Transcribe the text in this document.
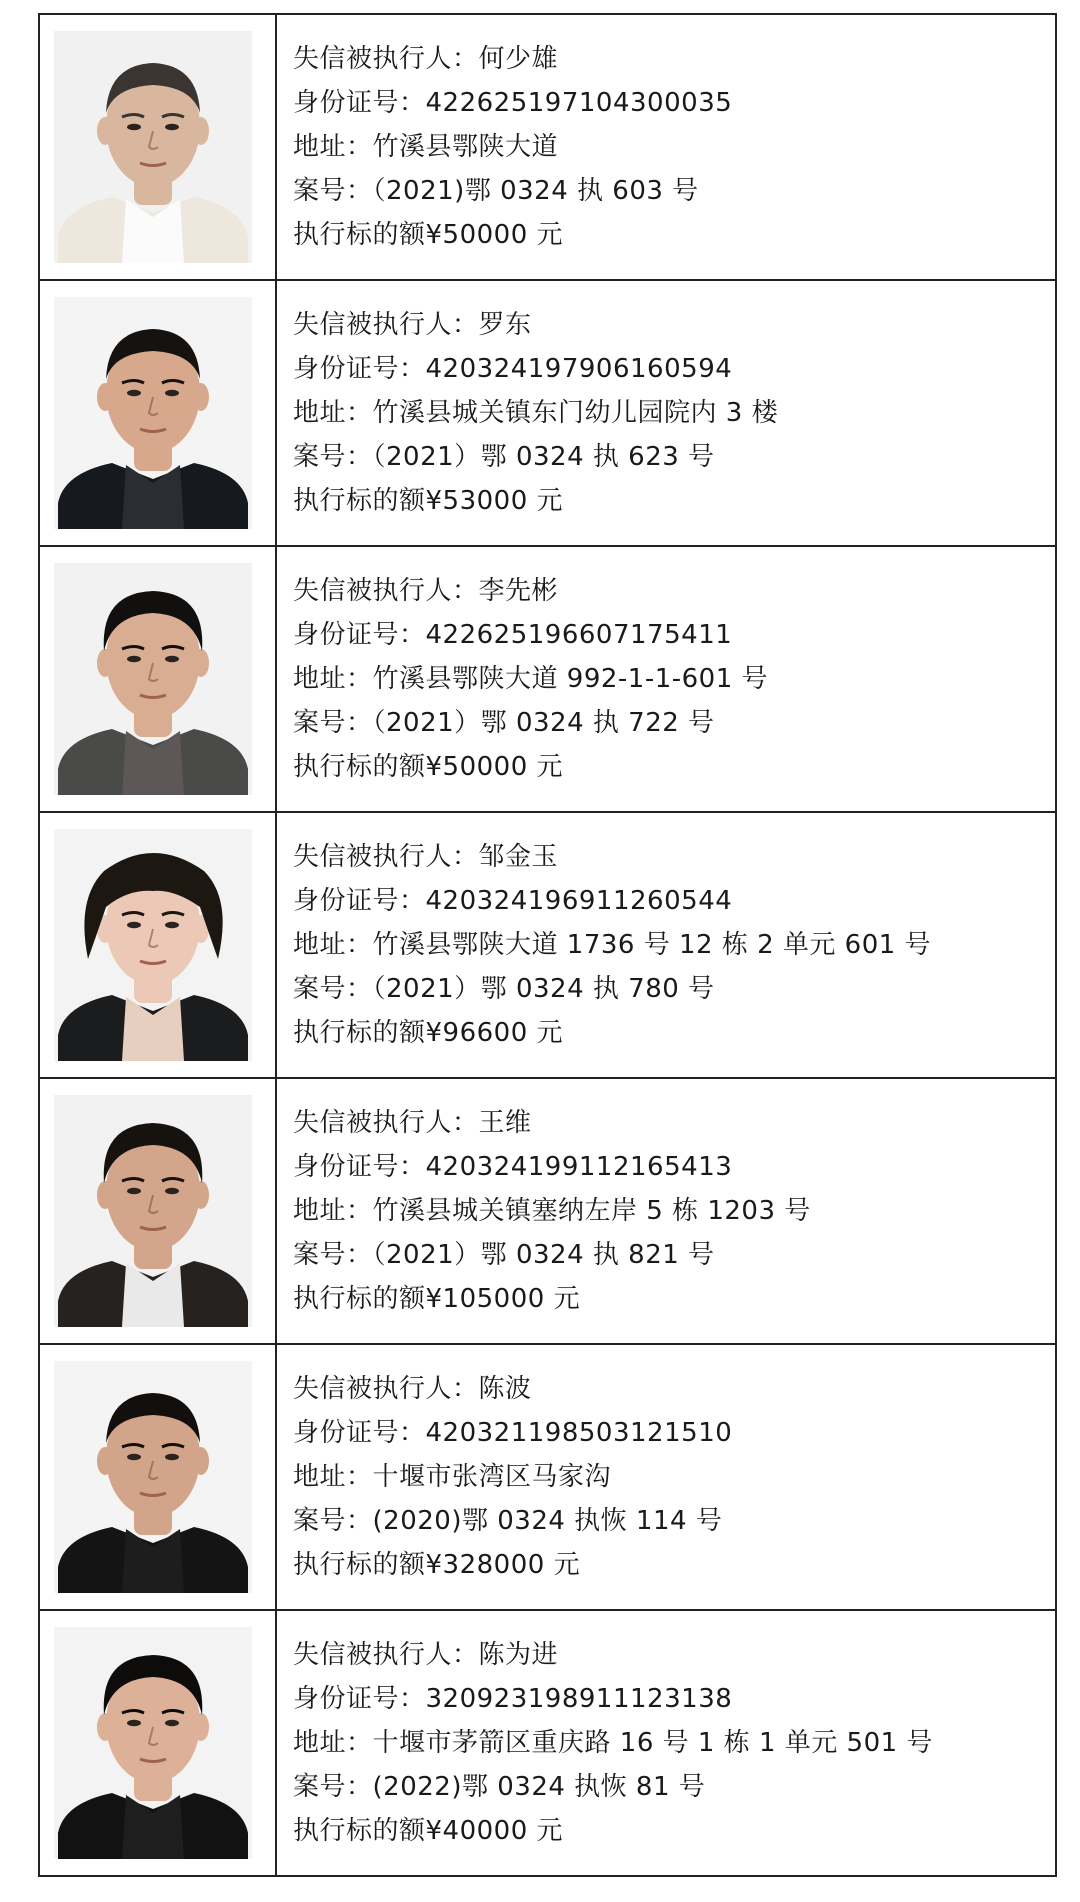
失信被执行人：何少雄
身份证号：422625197104300035
地址：竹溪县鄂陕大道
案号：（2021)鄂 0324 执 603 号
执行标的额¥50000 元

失信被执行人：罗东
身份证号：420324197906160594
地址：竹溪县城关镇东门幼儿园院内 3 楼
案号：（2021）鄂 0324 执 623 号
执行标的额¥53000 元

失信被执行人：李先彬
身份证号：422625196607175411
地址：竹溪县鄂陕大道 992-1-1-601 号
案号：（2021）鄂 0324 执 722 号
执行标的额¥50000 元

失信被执行人：邹金玉
身份证号：420324196911260544
地址：竹溪县鄂陕大道 1736 号 12 栋 2 单元 601 号
案号：（2021）鄂 0324 执 780 号
执行标的额¥96600 元

失信被执行人：王维
身份证号：420324199112165413
地址：竹溪县城关镇塞纳左岸 5 栋 1203 号
案号：（2021）鄂 0324 执 821 号
执行标的额¥105000 元

失信被执行人：陈波
身份证号：420321198503121510
地址：十堰市张湾区马家沟
案号：(2020)鄂 0324 执恢 114 号
执行标的额¥328000 元

失信被执行人：陈为进
身份证号：320923198911123138
地址：十堰市茅箭区重庆路 16 号 1 栋 1 单元 501 号
案号：(2022)鄂 0324 执恢 81 号
执行标的额¥40000 元
